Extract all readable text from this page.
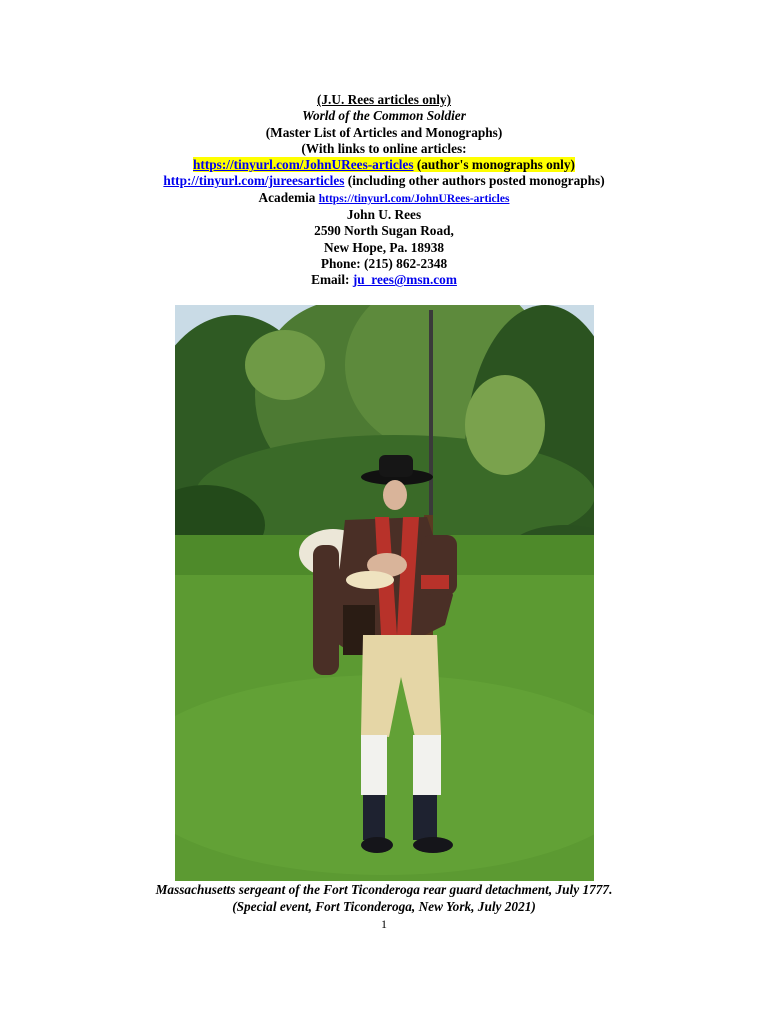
(J.U. Rees articles only)
World of the Common Soldier
(Master List of Articles and Monographs)
(With links to online articles:
https://tinyurl.com/JohnURees-articles (author's monographs only)
http://tinyurl.com/jureesarticles (including other authors posted monographs)
Academia https://tinyurl.com/JohnURees-articles
John U. Rees
2590 North Sugan Road,
New Hope, Pa. 18938
Phone: (215) 862-2348
Email: ju_rees@msn.com
Massachusetts sergeant of the Fort Ticonderoga rear guard detachment, July 1777.
(Special event, Fort Ticonderoga, New York, July 2021)
1
